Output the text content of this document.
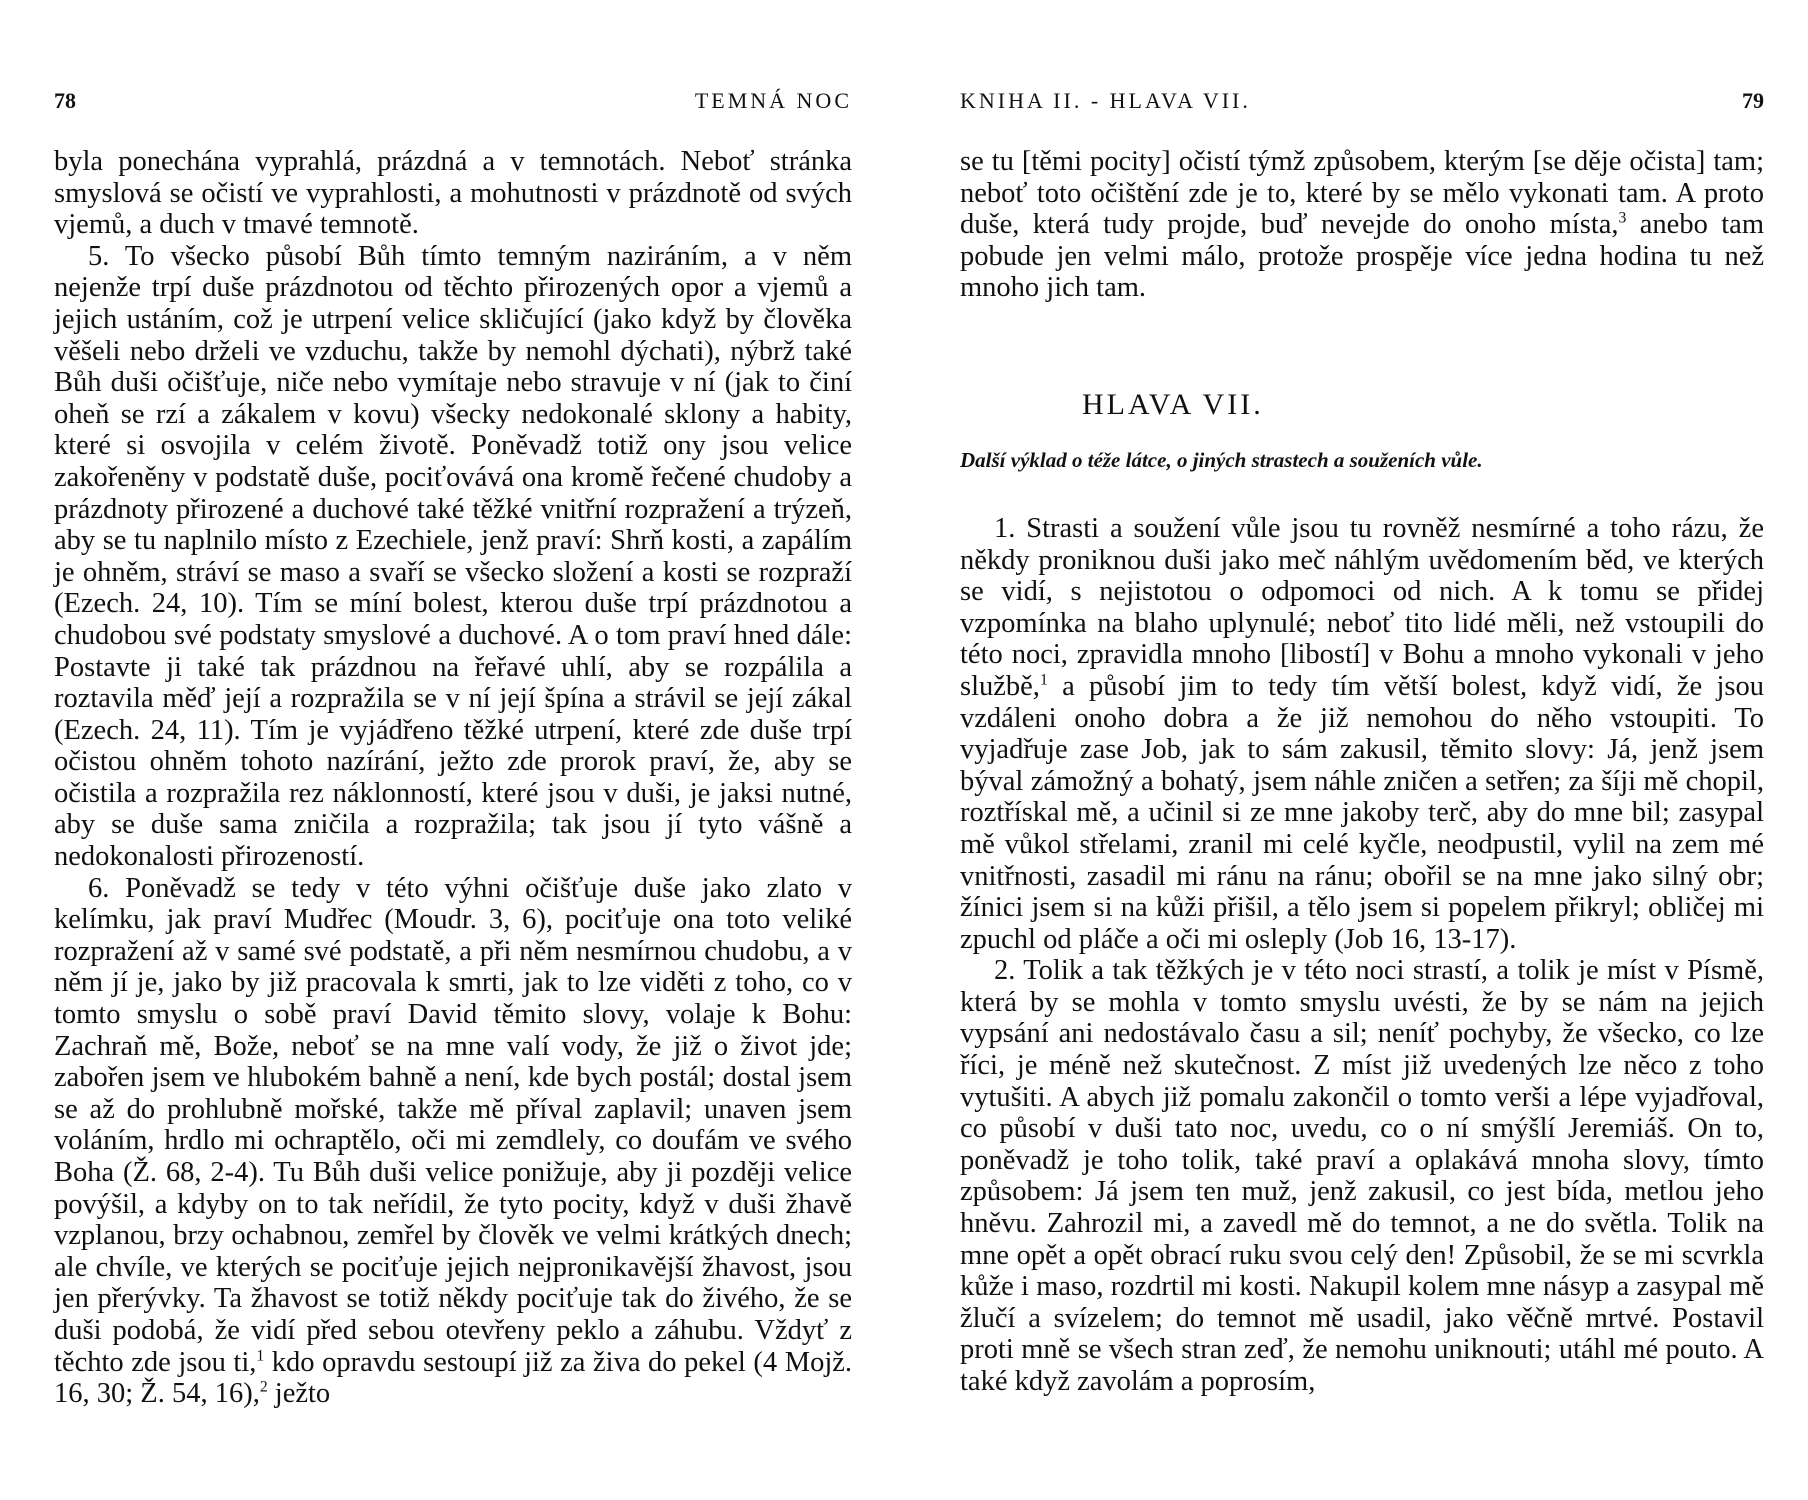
78	TEMNÁ NOC

byla ponechána vyprahlá, prázdná a v temnotách. Neboť stránka smyslová se očistí ve vyprahlosti, a mohutnosti v prázdnotě od svých vjemů, a duch v tmavé temnotě.

5. To všecko působí Bůh tímto temným naziráním, a v něm nejenže trpí duše prázdnotou od těchto přirozených opor a vjemů a jejich ustáním, což je utrpení velice skličující (jako když by člověka věšeli nebo drželi ve vzduchu, takže by nemohl dýchati), nýbrž také Bůh duši očišťuje, niče nebo vymítaje nebo stravuje v ní (jak to činí oheň se rzí a zákalem v kovu) všecky nedokonalé sklony a habity, které si osvojila v celém životě. Poněvadž totiž ony jsou velice zakořeněny v podstatě duše, pociťovává ona kromě řečené chudoby a prázdnoty přirozené a duchové také těžké vnitřní rozpražení a trýzeň, aby se tu naplnilo místo z Ezechiele, jenž praví: Shrň kosti, a zapálím je ohněm, stráví se maso a svaří se všecko složení a kosti se rozpraží (Ezech. 24, 10). Tím se míní bolest, kterou duše trpí prázdnotou a chudobou své podstaty smyslové a duchové. A o tom praví hned dále: Postavte ji také tak prázdnou na řeřavé uhlí, aby se rozpálila a roztavila měď její a rozpražila se v ní její špína a strávil se její zákal (Ezech. 24, 11). Tím je vyjádřeno těžké utrpení, které zde duše trpí očistou ohněm tohoto nazírání, ježto zde prorok praví, že, aby se očistila a rozpražila rez náklonností, které jsou v duši, je jaksi nutné, aby se duše sama zničila a rozpražila; tak jsou jí tyto vášně a nedokonalosti přirozeností.

6. Poněvadž se tedy v této výhni očišťuje duše jako zlato v kelímku, jak praví Mudřec (Moudr. 3, 6), pociťuje ona toto veliké rozpražení až v samé své podstatě, a při něm nesmírnou chudobu, a v něm jí je, jako by již pracovala k smrti, jak to lze viděti z toho, co v tomto smyslu o sobě praví David těmito slovy, volaje k Bohu: Zachraň mě, Bože, neboť se na mne valí vody, že již o život jde; zabořen jsem ve hlubokém bahně a není, kde bych postál; dostal jsem se až do prohlubně mořské, takže mě příval zaplavil; unaven jsem voláním, hrdlo mi ochraptělo, oči mi zemdlely, co doufám ve svého Boha (Ž. 68, 2-4). Tu Bůh duši velice ponižuje, aby ji později velice povýšil, a kdyby on to tak neřídil, že tyto pocity, když v duši žhavě vzplanou, brzy ochabnou, zemřel by člověk ve velmi krátkých dnech; ale chvíle, ve kterých se pociťuje jejich nejpronikavější žhavost, jsou jen přerývky. Ta žhavost se totiž někdy pociťuje tak do živého, že se duši podobá, že vidí před sebou otevřeny peklo a záhubu. Vždyť z těchto zde jsou ti,$^1$ kdo opravdu sestoupí již za živa do pekel (4 Mojž. 16, 30; Ž. 54, 16),$^2$ ježto

KNIHA II. - HLAVA VII.	79

se tu [těmi pocity] očistí týmž způsobem, kterým [se děje očista] tam; neboť toto očištění zde je to, které by se mělo vykonati tam. A proto duše, která tudy projde, buď nevejde do onoho místa,$^3$ anebo tam pobude jen velmi málo, protože prospěje více jedna hodina tu než mnoho jich tam.

HLAVA VII.
Další výklad o téže látce, o jiných strastech a souženích vůle.

1. Strasti a soužení vůle jsou tu rovněž nesmírné a toho rázu, že někdy proniknou duši jako meč náhlým uvědomením běd, ve kterých se vidí, s nejistotou o odpomoci od nich. A k tomu se přidej vzpomínka na blaho uplynulé; neboť tito lidé měli, než vstoupili do této noci, zpravidla mnoho [libostí] v Bohu a mnoho vykonali v jeho službě,$^1$ a působí jim to tedy tím větší bolest, když vidí, že jsou vzdáleni onoho dobra a že již nemohou do něho vstoupiti. To vyjadřuje zase Job, jak to sám zakusil, těmito slovy: Já, jenž jsem býval zámožný a bohatý, jsem náhle zničen a setřen; za šíji mě chopil, roztřískal mě, a učinil si ze mne jakoby terč, aby do mne bil; zasypal mě vůkol střelami, zranil mi celé kyčle, neodpustil, vylil na zem mé vnitřnosti, zasadil mi ránu na ránu; obořil se na mne jako silný obr; žínici jsem si na kůži přišil, a tělo jsem si popelem přikryl; obličej mi zpuchl od pláče a oči mi osleply (Job 16, 13-17).

2. Tolik a tak těžkých je v této noci strastí, a tolik je míst v Písmě, která by se mohla v tomto smyslu uvésti, že by se nám na jejich vypsání ani nedostávalo času a sil; neníť pochyby, že všecko, co lze říci, je méně než skutečnost. Z míst již uvedených lze něco z toho vytušiti. A abych již pomalu zakončil o tomto verši a lépe vyjadřoval, co působí v duši tato noc, uvedu, co o ní smýšlí Jeremiáš. On to, poněvadž je toho tolik, také praví a oplakává mnoha slovy, tímto způsobem: Já jsem ten muž, jenž zakusil, co jest bída, metlou jeho hněvu. Zahrozil mi, a zavedl mě do temnot, a ne do světla. Tolik na mne opět a opět obrací ruku svou celý den! Způsobil, že se mi scvrkla kůže i maso, rozdrtil mi kosti. Nakupil kolem mne násyp a zasypal mě žlučí a svízelem; do temnot mě usadil, jako věčně mrtvé. Postavil proti mně se všech stran zeď, že nemohu uniknouti; utáhl mé pouto. A také když zavolám a poprosím,
